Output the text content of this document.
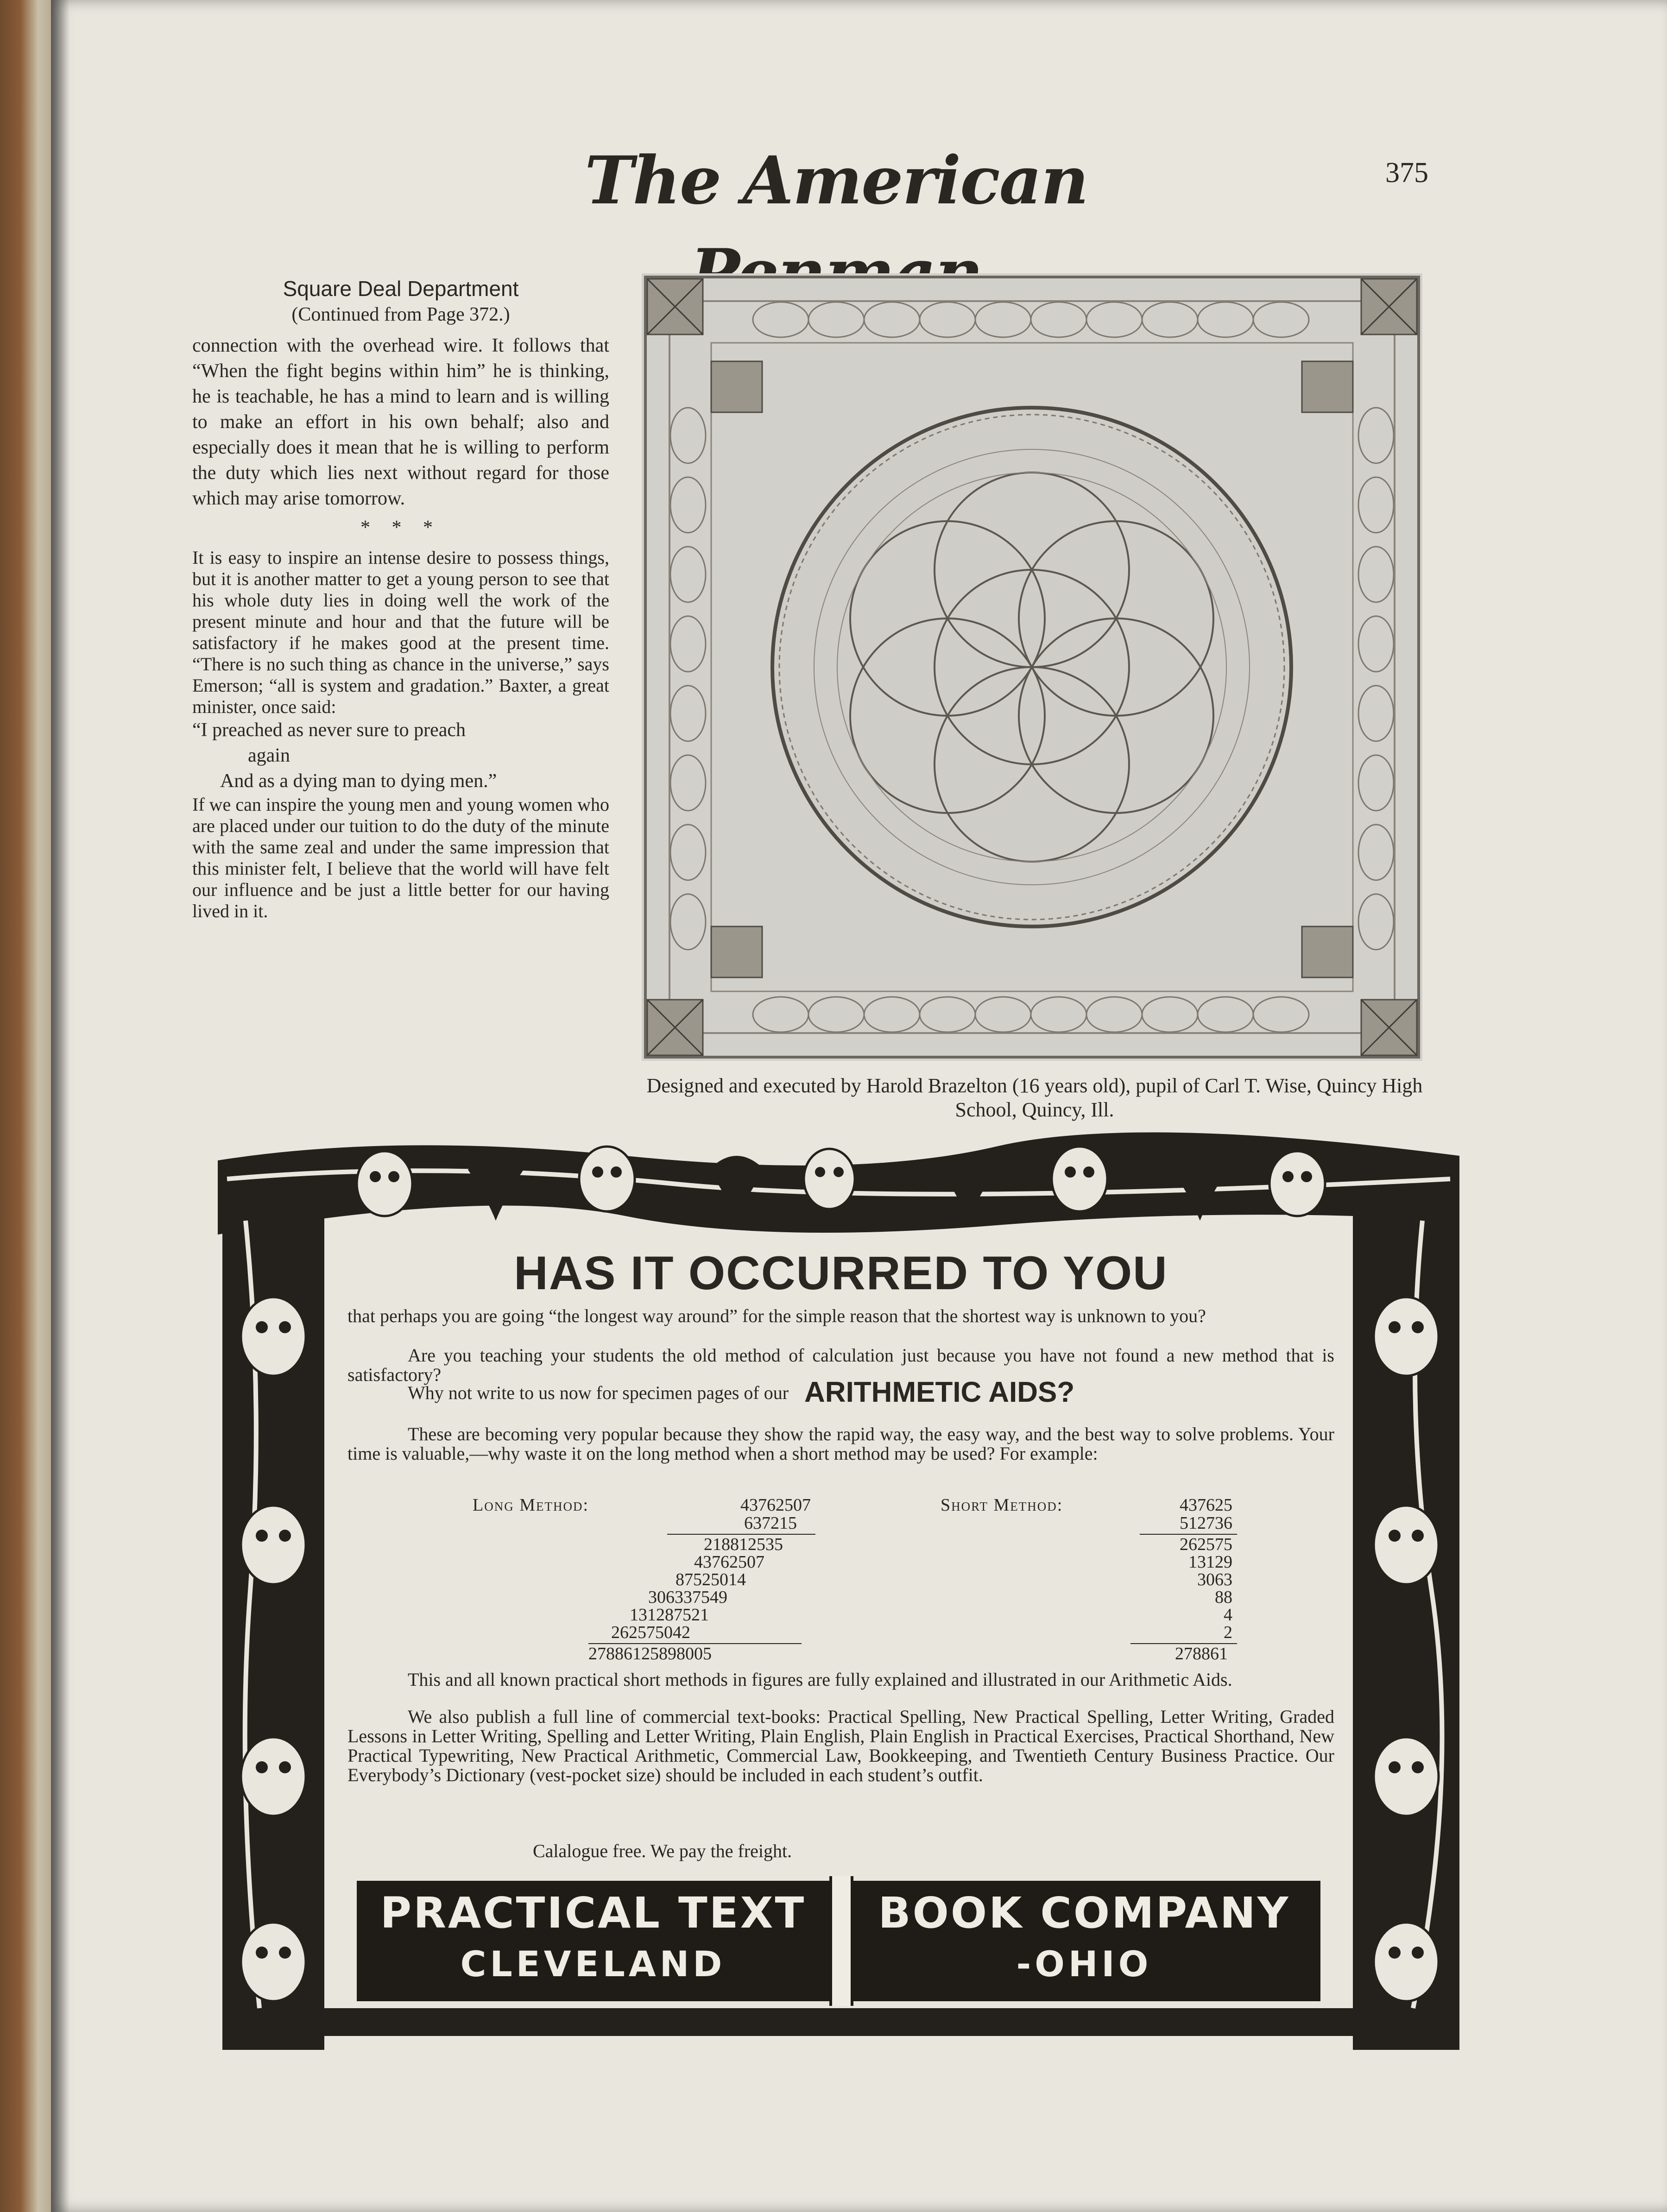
The American	375
Square Deal Department
(Continued from Page 372.)

connection with the overhead wire. It follows that “When the fight begins within him” he is thinking, he is teachable, he has a mind to learn and is willing to make an effort in his own behalf; also and especially does it mean that he is willing to perform the duty which lies next without regard for those which may arise tomorrow.

* * *

It is easy to inspire an intense desire to possess things, but it is another matter to get a young person to see that his whole duty lies in doing well the work of the present minute and hour and that the future will be satisfactory if he makes good at the present time. “There is no such thing as chance in the universe,” says Emerson; “all is system and gradation.” Baxter, a great minister, once said:

“I preached as never sure to preach

again

And as a dying man to dying men.”

If we can inspire the young men and young women who are placed under our tuition to do the duty of the minute with the same zeal and under the same impression that this minister felt, I believe that the world will have felt our influence and be just a little better for our having lived in it.

Designed and executed by Harold Brazelton (16 years old), pupil of Carl T. Wise, Quincy High School, Quincy, Ill.
HAS IT OCCURRED TO YOU
that perhaps you are going “the longest way around” for the simple reason that the shortest way is unknown to you?
Are you teaching your students the old method of calculation just because you have not found a new method that is satisfactory?
Why not write to us now for specimen pages of our ARITHMETIC AIDS?
These are becoming very popular because they show the rapid way, the easy way, and the best way to solve problems. Your time is valuable,—why waste it on the long method when a short method may be used? For example:
Long Method:	43762507
637215
218812535
43762507
87525014
306337549
131287521
262575042
27886125898005
Short Method:	437625
512736
262575
13129
3063
88
4
2
278861
This and all known practical short methods in figures are fully explained and illustrated in our Arithmetic Aids.
We also publish a full line of commercial text-books: Practical Spelling, New Practical Spelling, Letter Writing, Graded Lessons in Letter Writing, Spelling and Letter Writing, Plain English, Plain English in Practical Exercises, Practical Shorthand, New Practical Typewriting, New Practical Arithmetic, Commercial Law, Bookkeeping, and Twentieth Century Business Practice. Our Everybody’s Dictionary (vest-pocket size) should be included in each student’s outfit.
Calalogue free. We pay the freight.
PRACTICAL TEXT
CLEVELAND
BOOK COMPANY
-OHIO
